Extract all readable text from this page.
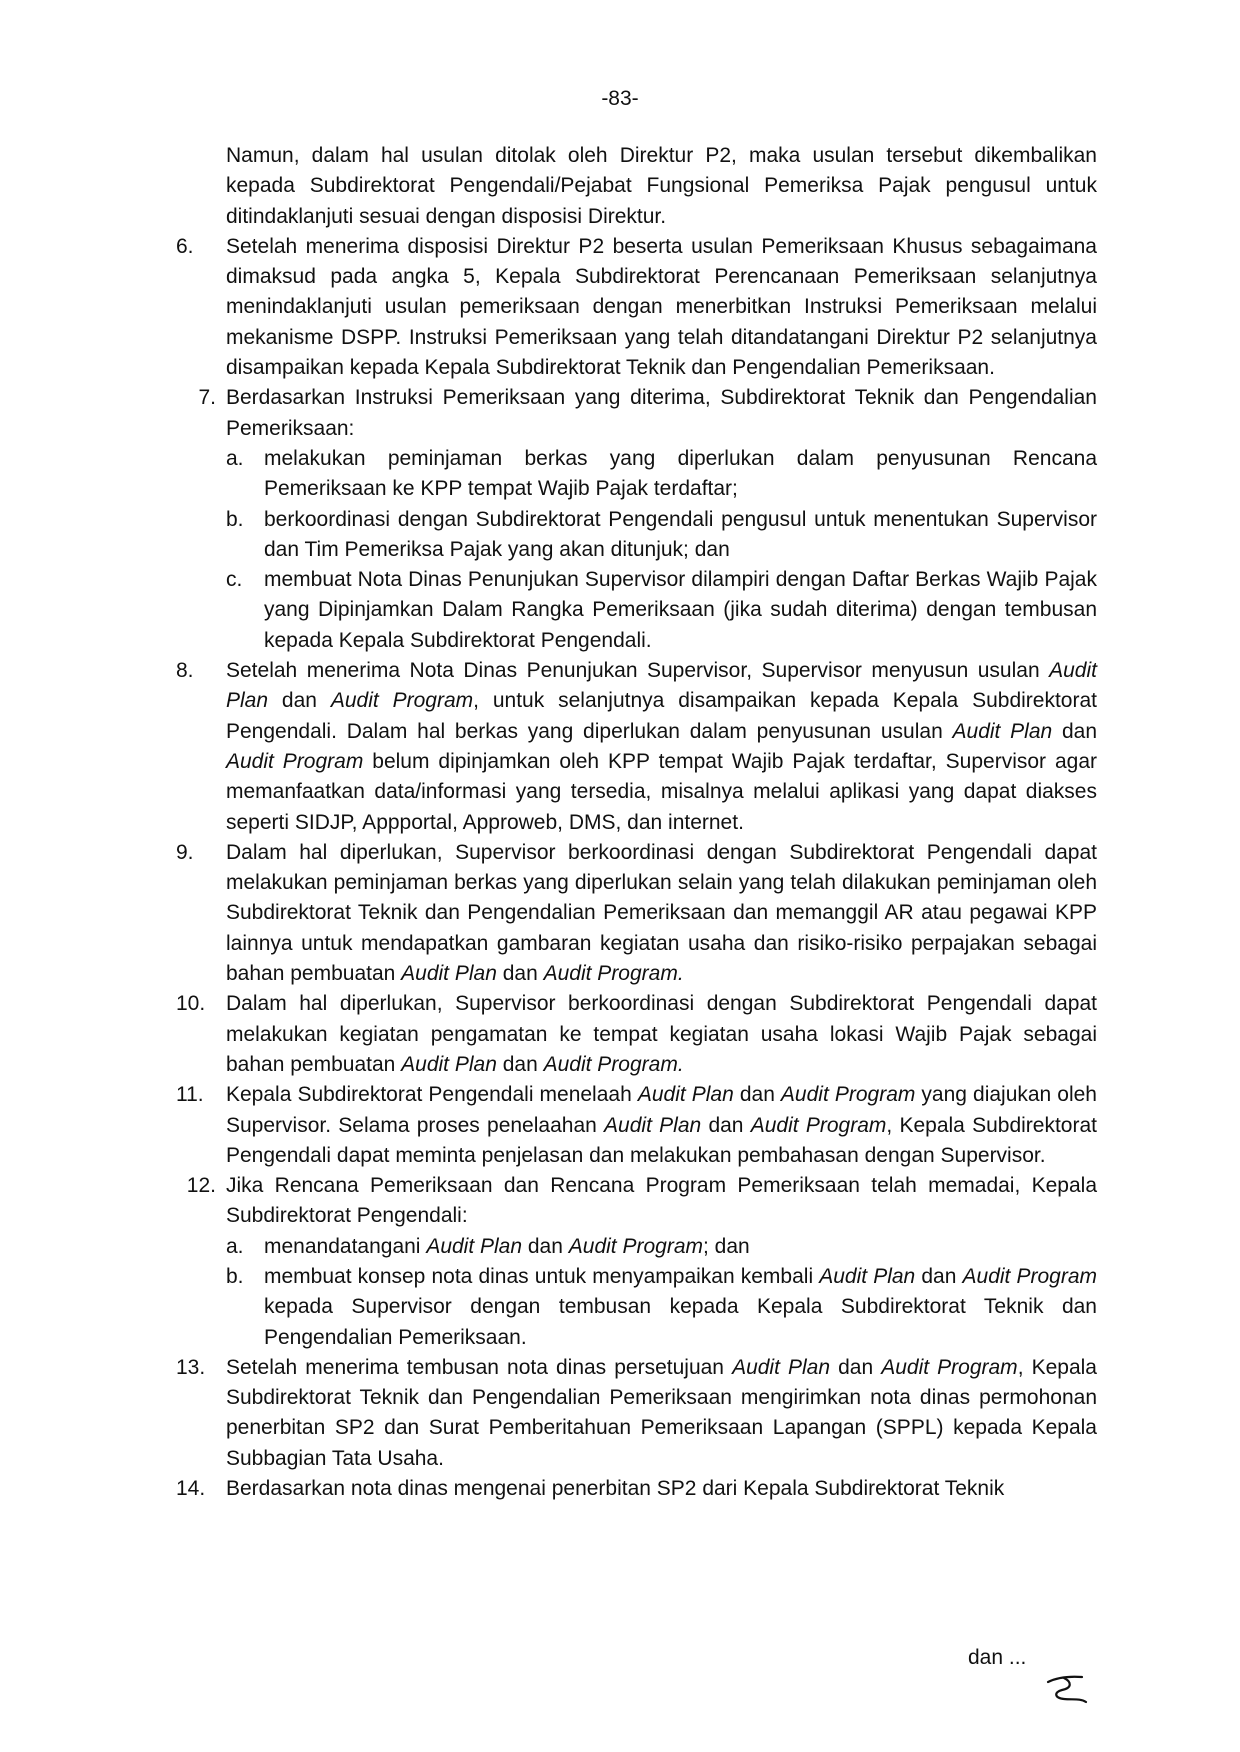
-83-

Namun, dalam hal usulan ditolak oleh Direktur P2, maka usulan tersebut dikembalikan kepada Subdirektorat Pengendali/Pejabat Fungsional Pemeriksa Pajak pengusul untuk ditindaklanjuti sesuai dengan disposisi Direktur.

6.	Setelah menerima disposisi Direktur P2 beserta usulan Pemeriksaan Khusus sebagaimana dimaksud pada angka 5, Kepala Subdirektorat Perencanaan Pemeriksaan selanjutnya menindaklanjuti usulan pemeriksaan dengan menerbitkan Instruksi Pemeriksaan melalui mekanisme DSPP. Instruksi Pemeriksaan yang telah ditandatangani Direktur P2 selanjutnya disampaikan kepada Kepala Subdirektorat Teknik dan Pengendalian Pemeriksaan.
7. Berdasarkan Instruksi Pemeriksaan yang diterima, Subdirektorat Teknik dan Pengendalian Pemeriksaan:
a. melakukan peminjaman berkas yang diperlukan dalam penyusunan Rencana Pemeriksaan ke KPP tempat Wajib Pajak terdaftar;
b. berkoordinasi dengan Subdirektorat Pengendali pengusul untuk menentukan Supervisor dan Tim Pemeriksa Pajak yang akan ditunjuk; dan
c. membuat Nota Dinas Penunjukan Supervisor dilampiri dengan Daftar Berkas Wajib Pajak yang Dipinjamkan Dalam Rangka Pemeriksaan (jika sudah diterima) dengan tembusan kepada Kepala Subdirektorat Pengendali.
8.	Setelah menerima Nota Dinas Penunjukan Supervisor, Supervisor menyusun usulan Audit Plan dan Audit Program, untuk selanjutnya disampaikan kepada Kepala Subdirektorat Pengendali. Dalam hal berkas yang diperlukan dalam penyusunan usulan Audit Plan dan Audit Program belum dipinjamkan oleh KPP tempat Wajib Pajak terdaftar, Supervisor agar memanfaatkan data/informasi yang tersedia, misalnya melalui aplikasi yang dapat diakses seperti SIDJP, Appportal, Approweb, DMS, dan internet.
9.	Dalam hal diperlukan, Supervisor berkoordinasi dengan Subdirektorat Pengendali dapat melakukan peminjaman berkas yang diperlukan selain yang telah dilakukan peminjaman oleh Subdirektorat Teknik dan Pengendalian Pemeriksaan dan memanggil AR atau pegawai KPP lainnya untuk mendapatkan gambaran kegiatan usaha dan risiko-risiko perpajakan sebagai bahan pembuatan Audit Plan dan Audit Program.
10. Dalam hal diperlukan, Supervisor berkoordinasi dengan Subdirektorat Pengendali dapat melakukan kegiatan pengamatan ke tempat kegiatan usaha lokasi Wajib Pajak sebagai bahan pembuatan Audit Plan dan Audit Program.
11.	Kepala Subdirektorat Pengendali menelaah Audit Plan dan Audit Program yang diajukan oleh Supervisor. Selama proses penelaahan Audit Plan dan Audit Program, Kepala Subdirektorat Pengendali dapat meminta penjelasan dan melakukan pembahasan dengan Supervisor.
12. Jika Rencana Pemeriksaan dan Rencana Program Pemeriksaan telah memadai, Kepala Subdirektorat Pengendali:
a. menandatangani Audit Plan dan Audit Program; dan
b. membuat konsep nota dinas untuk menyampaikan kembali Audit Plan dan Audit Program kepada Supervisor dengan tembusan kepada Kepala Subdirektorat Teknik dan Pengendalian Pemeriksaan.
13. Setelah menerima tembusan nota dinas persetujuan Audit Plan dan Audit Program, Kepala Subdirektorat Teknik dan Pengendalian Pemeriksaan mengirimkan nota dinas permohonan penerbitan SP2 dan Surat Pemberitahuan Pemeriksaan Lapangan (SPPL) kepada Kepala Subbagian Tata Usaha.
14. Berdasarkan nota dinas mengenai penerbitan SP2 dari Kepala Subdirektorat Teknik
dan ...
